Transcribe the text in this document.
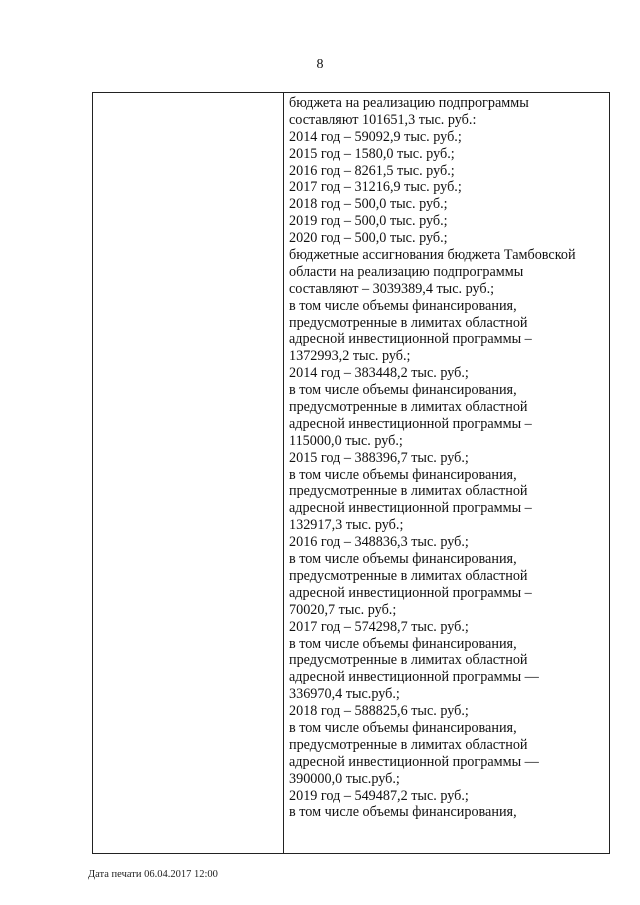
8
бюджета на реализацию подпрограммы
составляют 101651,3 тыс. руб.:
2014 год – 59092,9 тыс. руб.;
2015 год – 1580,0 тыс. руб.;
2016 год – 8261,5 тыс. руб.;
2017 год – 31216,9 тыс. руб.;
2018 год – 500,0 тыс. руб.;
2019 год – 500,0 тыс. руб.;
2020 год – 500,0 тыс. руб.;
бюджетные ассигнования бюджета Тамбовской
области на реализацию подпрограммы
составляют – 3039389,4 тыс. руб.;
в том числе объемы финансирования,
предусмотренные в лимитах областной
адресной инвестиционной программы –
1372993,2 тыс. руб.;
2014 год – 383448,2 тыс. руб.;
в том числе объемы финансирования,
предусмотренные в лимитах областной
адресной инвестиционной программы –
115000,0 тыс. руб.;
2015 год – 388396,7 тыс. руб.;
в том числе объемы финансирования,
предусмотренные в лимитах областной
адресной инвестиционной программы –
132917,3 тыс. руб.;
2016 год – 348836,3 тыс. руб.;
в том числе объемы финансирования,
предусмотренные в лимитах областной
адресной инвестиционной программы –
70020,7 тыс. руб.;
2017 год – 574298,7 тыс. руб.;
в том числе объемы финансирования,
предусмотренные в лимитах областной
адресной инвестиционной программы —
336970,4 тыс.руб.;
2018 год – 588825,6 тыс. руб.;
в том числе объемы финансирования,
предусмотренные в лимитах областной
адресной инвестиционной программы —
390000,0 тыс.руб.;
2019 год – 549487,2 тыс. руб.;
в том числе объемы финансирования,
Дата печати 06.04.2017 12:00
